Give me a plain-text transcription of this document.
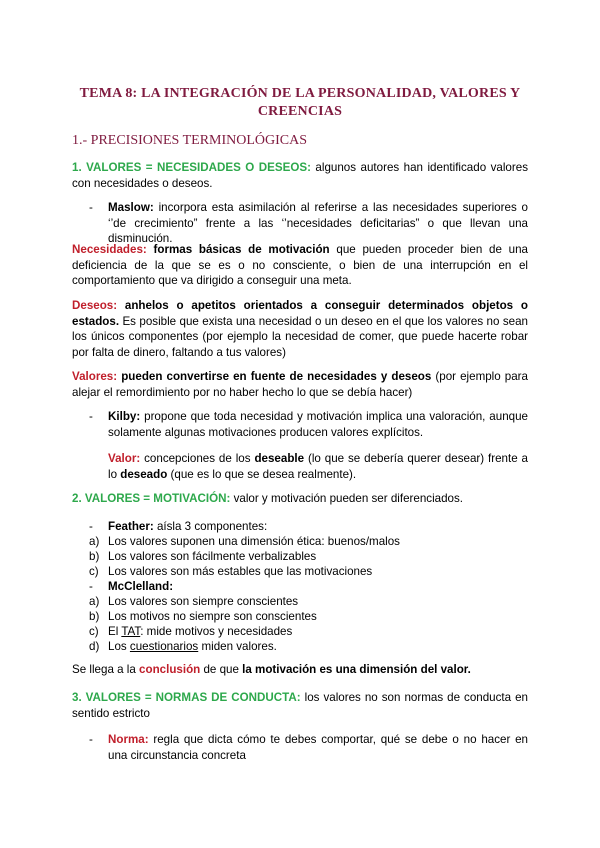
TEMA 8: LA INTEGRACIÓN DE LA PERSONALIDAD, VALORES Y
CREENCIAS
1.- PRECISIONES TERMINOLÓGICAS

1. VALORES = NECESIDADES O DESEOS: algunos autores han identificado valores con necesidades o deseos.

-	Maslow: incorpora esta asimilación al referirse a las necesidades superiores o ‘’de crecimiento” frente a las ‘’necesidades deficitarias” o que llevan una disminución.

Necesidades: formas básicas de motivación que pueden proceder bien de una deficiencia de la que se es o no consciente, o bien de una interrupción en el comportamiento que va dirigido a conseguir una meta.

Deseos: anhelos o apetitos orientados a conseguir determinados objetos o estados. Es posible que exista una necesidad o un deseo en el que los valores no sean los únicos componentes (por ejemplo la necesidad de comer, que puede hacerte robar por falta de dinero, faltando a tus valores)

Valores: pueden convertirse en fuente de necesidades y deseos (por ejemplo para alejar el remordimiento por no haber hecho lo que se debía hacer)

-	Kilby: propone que toda necesidad y motivación implica una valoración, aunque solamente algunas motivaciones producen valores explícitos.

Valor: concepciones de los deseable (lo que se debería querer desear) frente a lo deseado (que es lo que se desea realmente).

2. VALORES = MOTIVACIÓN: valor y motivación pueden ser diferenciados.

-	Feather: aísla 3 componentes:
a) Los valores suponen una dimensión ética: buenos/malos
b) Los valores son fácilmente verbalizables
c) Los valores son más estables que las motivaciones
-	McClelland:
a) Los valores son siempre conscientes
b) Los motivos no siempre son conscientes
c) El TAT: mide motivos y necesidades
d) Los cuestionarios miden valores.

Se llega a la conclusión de que la motivación es una dimensión del valor.

3. VALORES = NORMAS DE CONDUCTA: los valores no son normas de conducta en sentido estricto

-	Norma: regla que dicta cómo te debes comportar, qué se debe o no hacer en una circunstancia concreta
